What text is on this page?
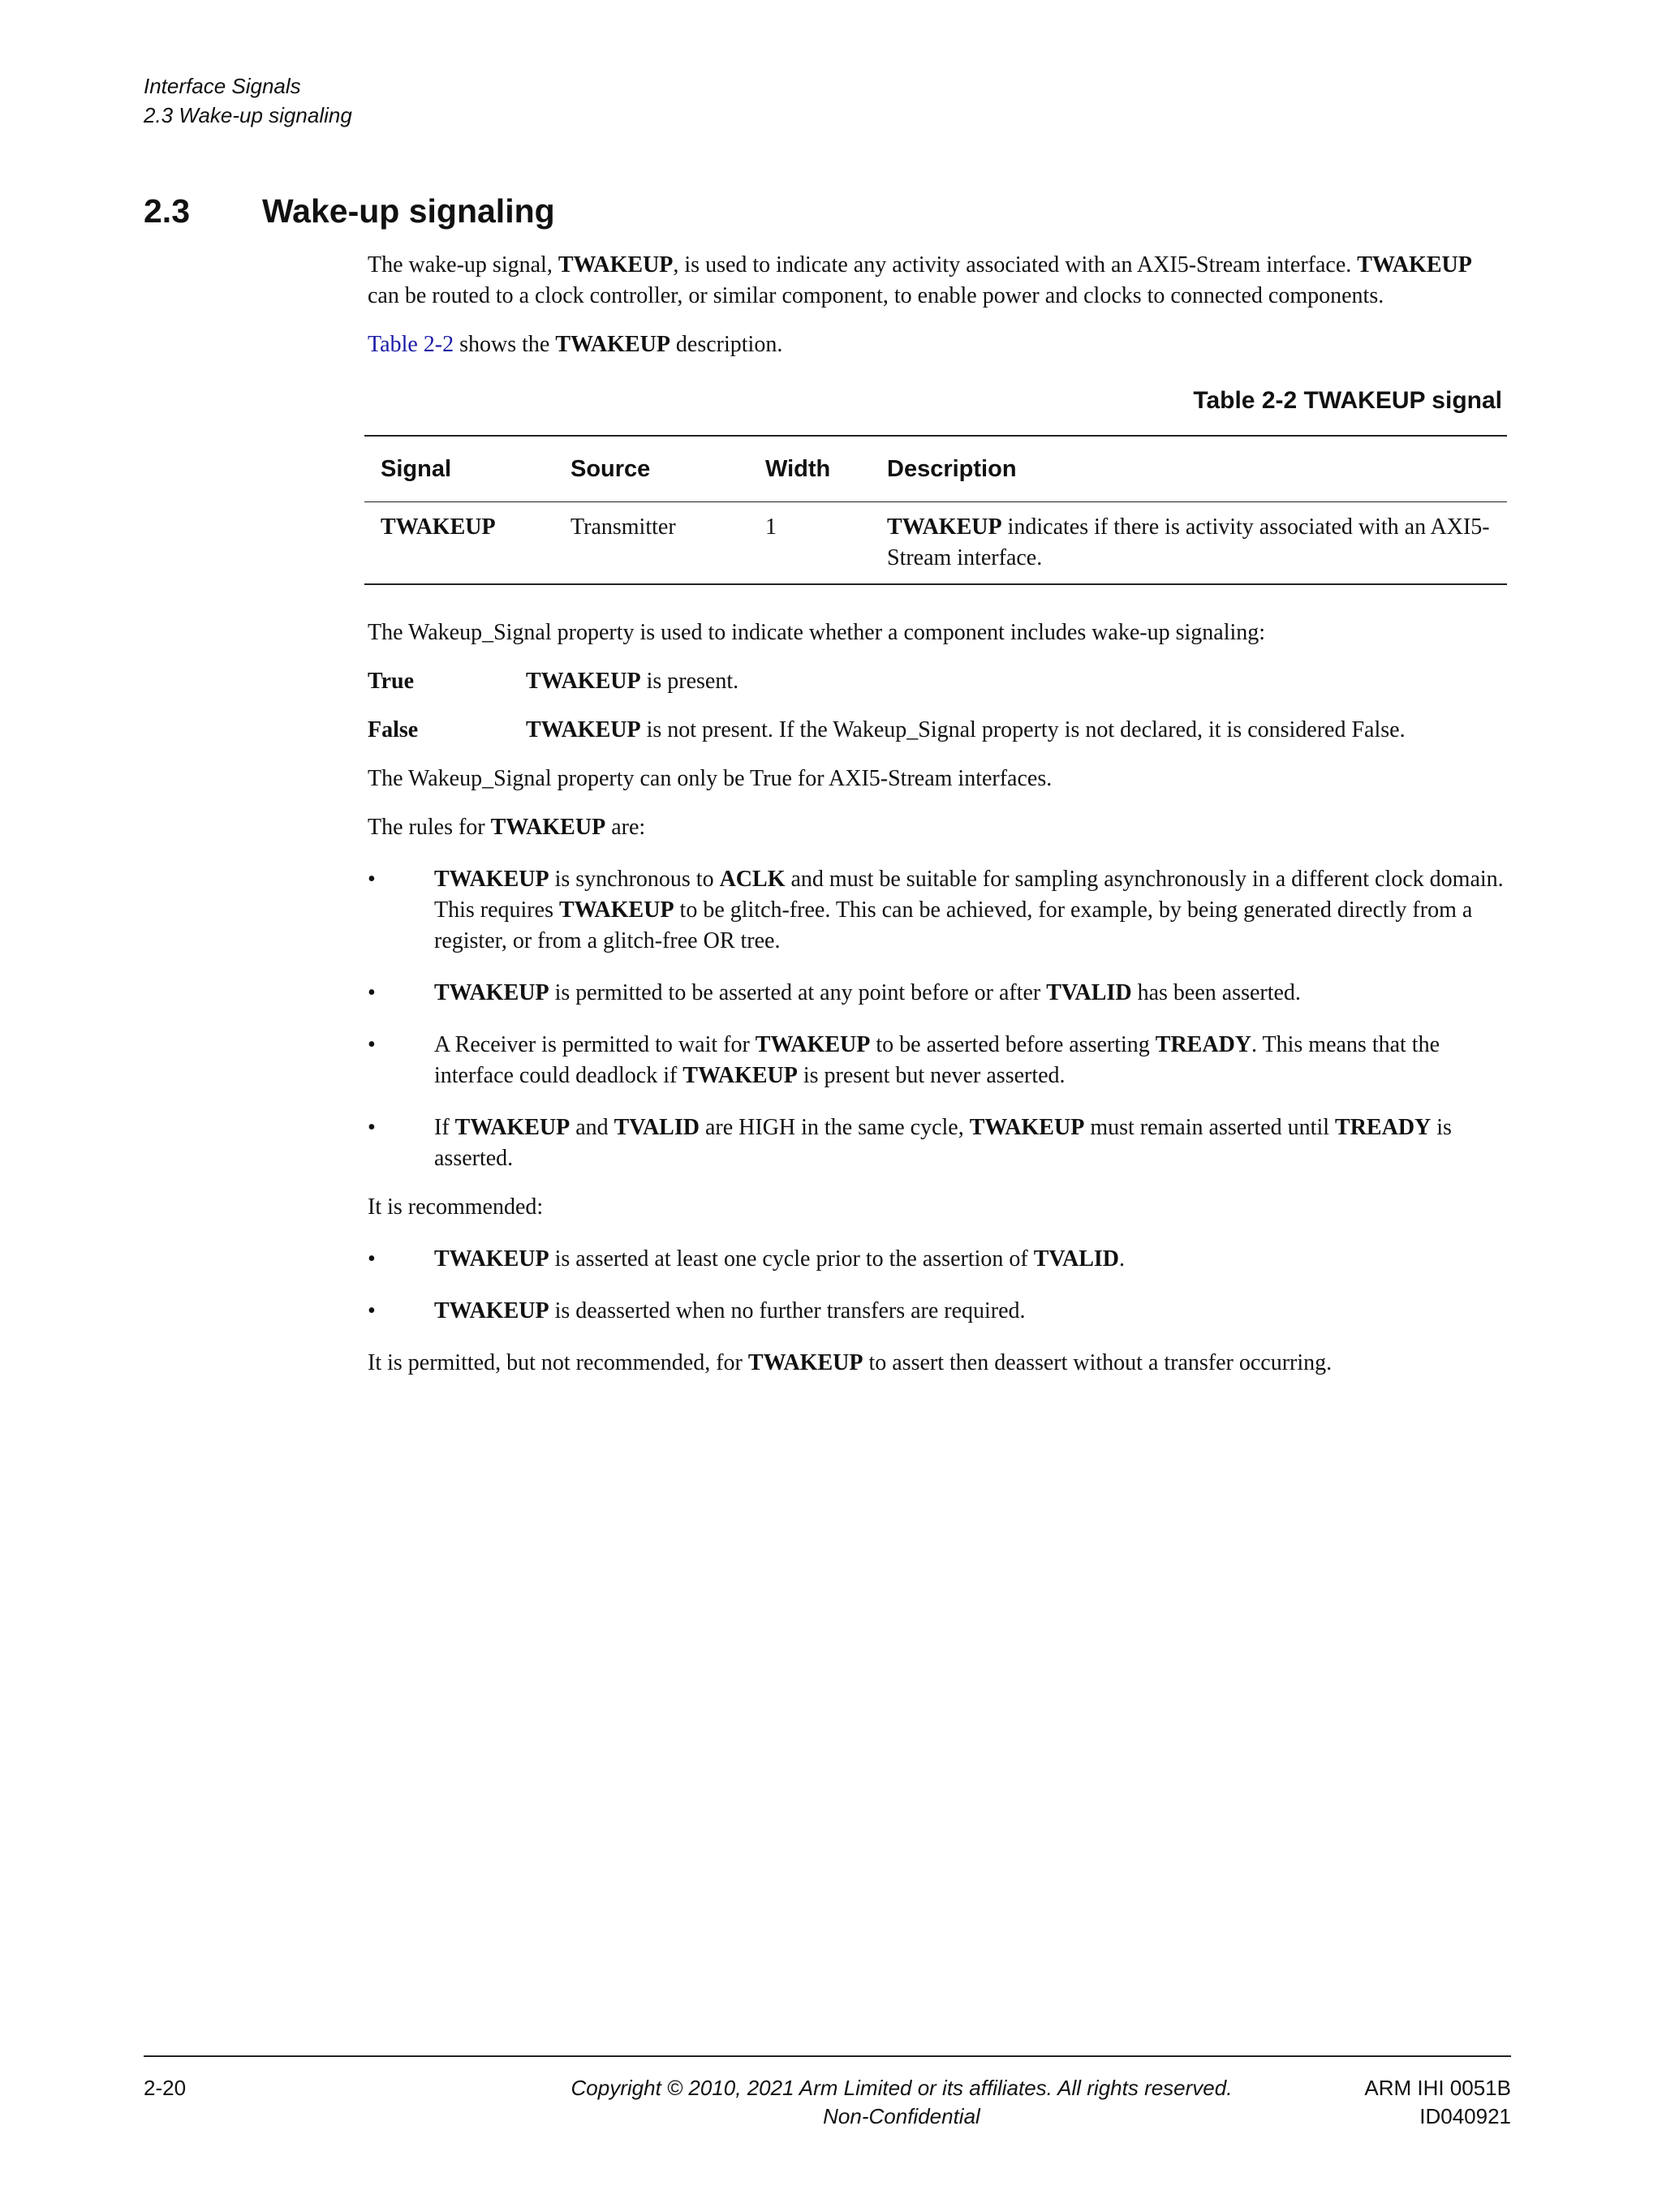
Interface Signals
2.3 Wake-up signaling
2.3 Wake-up signaling

The wake-up signal, TWAKEUP, is used to indicate any activity associated with an AXI5-Stream interface. TWAKEUP can be routed to a clock controller, or similar component, to enable power and clocks to connected components.

Table 2-2 shows the TWAKEUP description.

Table 2-2 TWAKEUP signal
Signal	Source	Width	Description
TWAKEUP	Transmitter	1	TWAKEUP indicates if there is activity associated with an AXI5-Stream interface.

The Wakeup_Signal property is used to indicate whether a component includes wake-up signaling:

True	TWAKEUP is present.
False	TWAKEUP is not present. If the Wakeup_Signal property is not declared, it is considered False.

The Wakeup_Signal property can only be True for AXI5-Stream interfaces.

The rules for TWAKEUP are:

•	TWAKEUP is synchronous to ACLK and must be suitable for sampling asynchronously in a different clock domain. This requires TWAKEUP to be glitch-free. This can be achieved, for example, by being generated directly from a register, or from a glitch-free OR tree.
•	TWAKEUP is permitted to be asserted at any point before or after TVALID has been asserted.
•	A Receiver is permitted to wait for TWAKEUP to be asserted before asserting TREADY. This means that the interface could deadlock if TWAKEUP is present but never asserted.
•	If TWAKEUP and TVALID are HIGH in the same cycle, TWAKEUP must remain asserted until TREADY is asserted.

It is recommended:

•	TWAKEUP is asserted at least one cycle prior to the assertion of TVALID.
•	TWAKEUP is deasserted when no further transfers are required.

It is permitted, but not recommended, for TWAKEUP to assert then deassert without a transfer occurring.

2-20	Copyright © 2010, 2021 Arm Limited or its affiliates. All rights reserved.
Non-Confidential
ARM IHI 0051B
ID040921
